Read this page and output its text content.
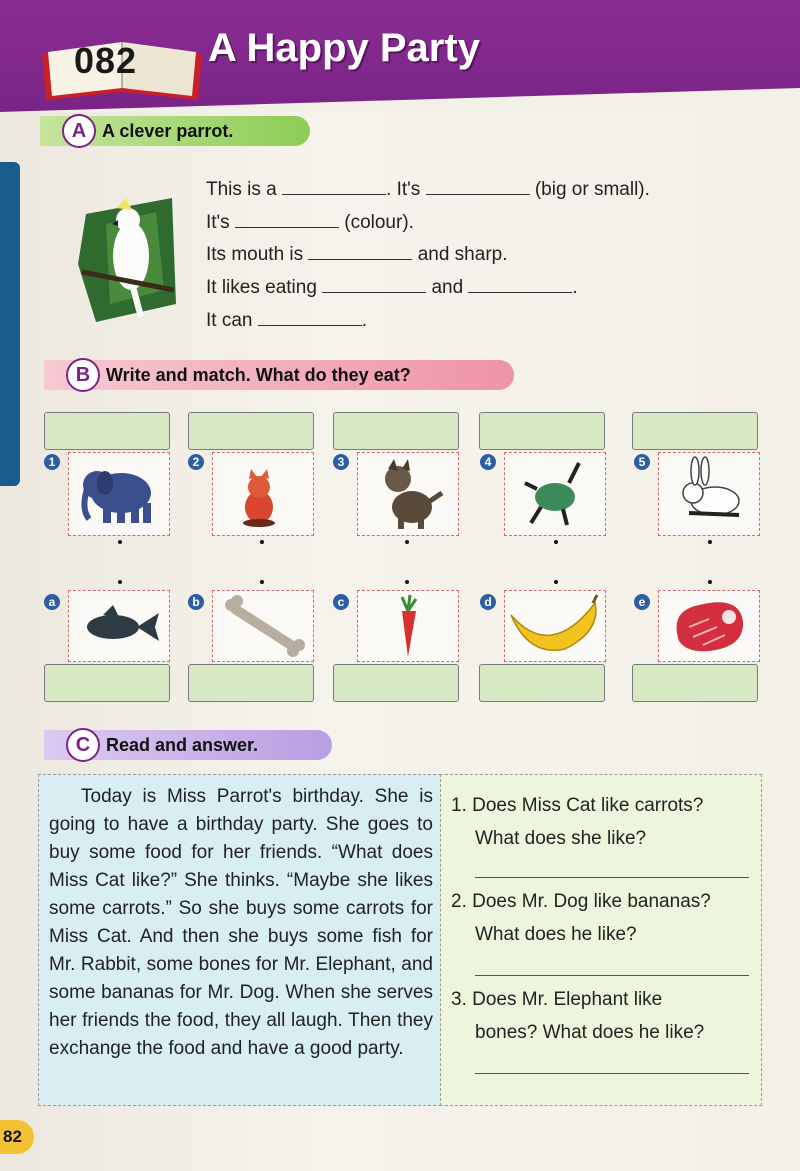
082 A Happy Party
A A clever parrot.
This is a	. It's	(big or small).
It's	(colour).
Its mouth is	and sharp.
It likes eating	and	.
It can	.
B Write and match. What do they eat?
1	2	3	4	5
a	b	c	d	e
C Read and answer.

Today is Miss Parrot's birthday. She is going to have a birthday party. She goes to buy some food for her friends. “What does Miss Cat like?” She thinks. “Maybe she likes some carrots.” So she buys some carrots for Miss Cat. And then she buys some fish for Mr. Rabbit, some bones for Mr. Elephant, and some bananas for Mr. Dog. When she serves her friends the food, they all laugh. Then they exchange the food and have a good party.

1. Does Miss Cat like carrots?
What does she like?
2. Does Mr. Dog like bananas?
What does he like?
3. Does Mr. Elephant like
bones? What does he like?
82
